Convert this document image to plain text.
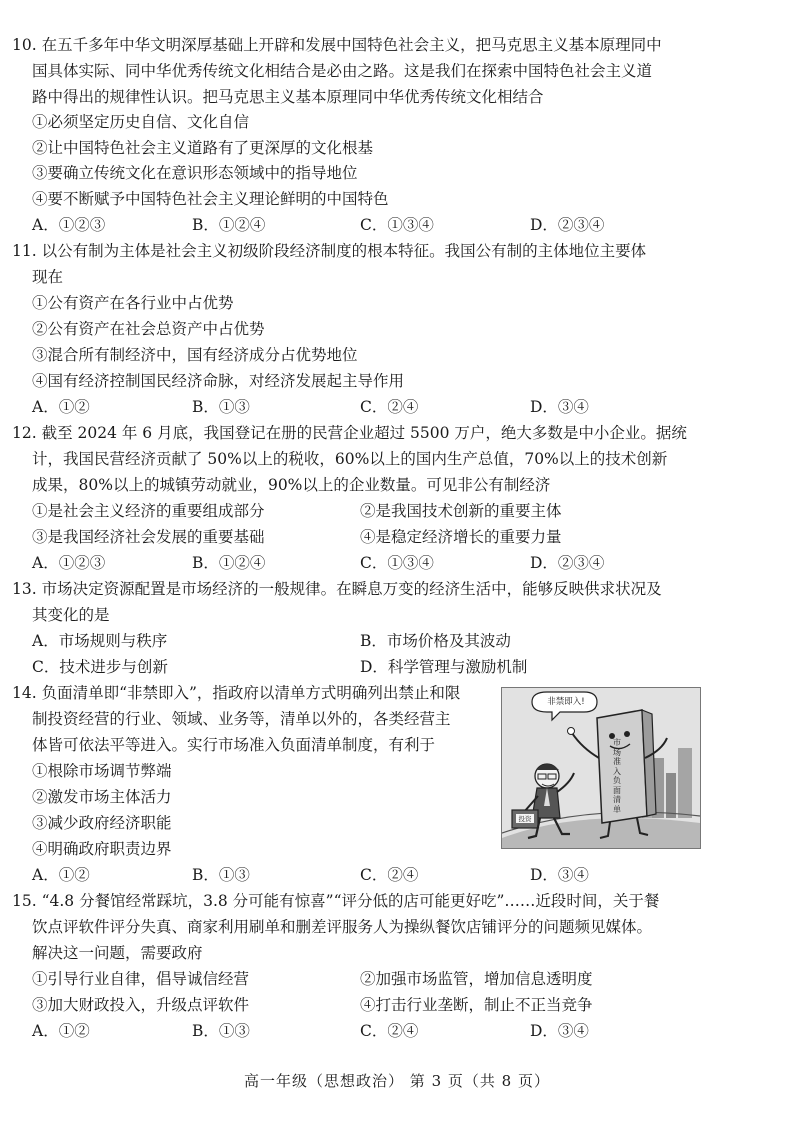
10. 在五千多年中华文明深厚基础上开辟和发展中国特色社会主义，把马克思主义基本原理同中
国具体实际、同中华优秀传统文化相结合是必由之路。这是我们在探索中国特色社会主义道
路中得出的规律性认识。把马克思主义基本原理同中华优秀传统文化相结合
①必须坚定历史自信、文化自信
②让中国特色社会主义道路有了更深厚的文化根基
③要确立传统文化在意识形态领域中的指导地位
④要不断赋予中国特色社会主义理论鲜明的中国特色
A．①②③	B．①②④	C．①③④	D．②③④
11. 以公有制为主体是社会主义初级阶段经济制度的根本特征。我国公有制的主体地位主要体
现在
①公有资产在各行业中占优势
②公有资产在社会总资产中占优势
③混合所有制经济中，国有经济成分占优势地位
④国有经济控制国民经济命脉，对经济发展起主导作用
A．①②	B．①③	C．②④	D．③④
12. 截至 2024 年 6 月底，我国登记在册的民营企业超过 5500 万户，绝大多数是中小企业。据统
计，我国民营经济贡献了 50%以上的税收，60%以上的国内生产总值，70%以上的技术创新
成果，80%以上的城镇劳动就业，90%以上的企业数量。可见非公有制经济
①是社会主义经济的重要组成部分	②是我国技术创新的重要主体
③是我国经济社会发展的重要基础	④是稳定经济增长的重要力量
A．①②③	B．①②④	C．①③④	D．②③④
13. 市场决定资源配置是市场经济的一般规律。在瞬息万变的经济生活中，能够反映供求状况及
其变化的是
A．市场规则与秩序	B．市场价格及其波动
C．技术进步与创新	D．科学管理与激励机制
14. 负面清单即“非禁即入”，指政府以清单方式明确列出禁止和限
制投资经营的行业、领域、业务等，清单以外的，各类经营主
体皆可依法平等进入。实行市场准入负面清单制度，有利于
①根除市场调节弊端
②激发市场主体活力
③减少政府经济职能
④明确政府职责边界
A．①②	B．①③	C．②④	D．③④
非禁即入!
市场准入负面清单
投资
15. “4.8 分餐馆经常踩坑，3.8 分可能有惊喜”“评分低的店可能更好吃”……近段时间，关于餐
饮点评软件评分失真、商家利用刷单和删差评服务人为操纵餐饮店铺评分的问题频见媒体。
解决这一问题，需要政府
①引导行业自律，倡导诚信经营	②加强市场监管，增加信息透明度
③加大财政投入，升级点评软件	④打击行业垄断，制止不正当竞争
A．①②	B．①③	C．②④	D．③④
高一年级（思想政治） 第 3 页（共 8 页）
